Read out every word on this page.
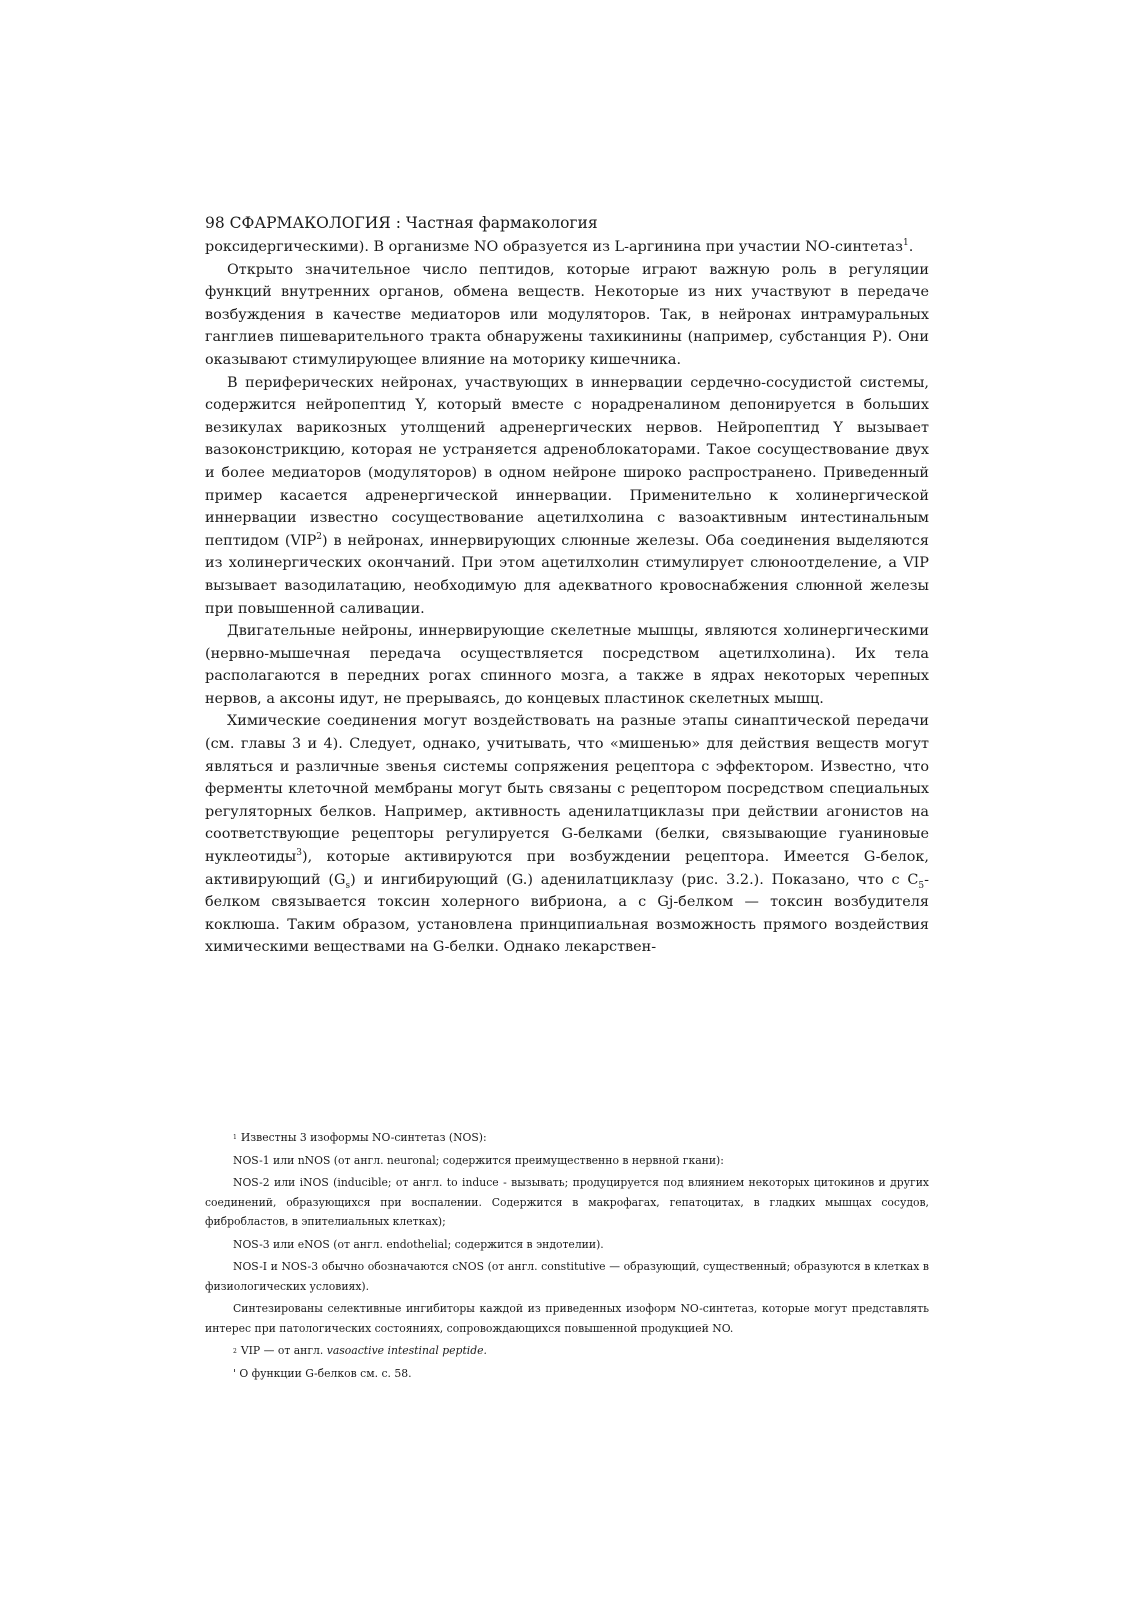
98 СФАРМАКОЛОГИЯ : Частная фармакология

роксидергическими). В организме NO образуется из L-аргинина при участии NO-синтетаз$^1$.

Открыто значительное число пептидов, которые играют важную роль в регуляции функций внутренних органов, обмена веществ. Некоторые из них участвуют в передаче возбуждения в качестве медиаторов или модуляторов. Так, в нейронах интрамуральных ганглиев пишеварительного тракта обнаружены тахикинины (например, субстанция Р). Они оказывают стимулирующее влияние на моторику кишечника.

В периферических нейронах, участвующих в иннервации сердечно-сосудистой системы, содержится нейропептид Y, который вместе с норадреналином депонируется в больших везикулах варикозных утолщений адренергических нервов. Нейропептид Y вызывает вазоконстрикцию, которая не устраняется адреноблокаторами. Такое сосуществование двух и более медиаторов (модуляторов) в одном нейроне широко распространено. Приведенный пример касается адренергической иннервации. Применительно к холинергической иннервации известно сосуществование ацетилхолина с вазоактивным интестинальным пептидом (VIP$^2$) в нейронах, иннервирующих слюнные железы. Оба соединения выделяются из холинергических окончаний. При этом ацетилхолин стимулирует слюноотделение, а VIP вызывает вазодилатацию, необходимую для адекватного кровоснабжения слюнной железы при повышенной саливации.

Двигательные нейроны, иннервирующие скелетные мышцы, являются холинергическими (нервно-мышечная передача осуществляется посредством ацетилхолина). Их тела располагаются в передних рогах спинного мозга, а также в ядрах некоторых черепных нервов, а аксоны идут, не прерываясь, до концевых пластинок скелетных мышц.

Химические соединения могут воздействовать на разные этапы синаптической передачи (см. главы 3 и 4). Следует, однако, учитывать, что «мишенью» для действия веществ могут являться и различные звенья системы сопряжения рецептора с эффектором. Известно, что ферменты клеточной мембраны могут быть связаны с рецептором посредством специальных регуляторных белков. Например, активность аденилатциклазы при действии агонистов на соответствующие рецепторы регулируется G-белками (белки, связывающие гуаниновые нуклеотиды$^3$), которые активируются при возбуждении рецептора. Имеется G-белок, активирующий $(G_s)$ и ингибирующий (G.) аденилатциклазу (рис. 3.2.). Показано, что с $C_5$-белком связывается токсин холерного вибриона, а с Gj-белком — токсин возбудителя коклюша. Таким образом, установлена принципиальная возможность прямого воздействия химическими веществами на G-белки. Однако лекарствен-

1 Известны 3 изоформы NO-синтетаз (NOS):

NOS-1 или nNOS (от англ. neuronal; содержится преимущественно в нервной гкани):

NOS-2 или iNOS (inducible; от англ. to induce - вызывать; продуцируется под влиянием некоторых цитокинов и других соединений, образующихся при воспалении. Содержится в макрофагах, гепатоцитах, в гладких мышцах сосудов, фибробластов, в эпителиальных клетках);

NOS-3 или eNOS (от англ. endothelial; содержится в эндотелии).

NOS-I и NOS-3 обычно обозначаются cNOS (от англ. constitutive — образующий, существенный; образуются в клетках в физиологических условиях).

Синтезированы селективные ингибиторы каждой из приведенных изоформ NO-синтетаз, которые могут представлять интерес при патологических состояниях, сопровождающихся повышенной продукцией NO.

2 VIP — от англ. vasoactive intestinal peptide.

' О функции G-белков см. с. 58.
